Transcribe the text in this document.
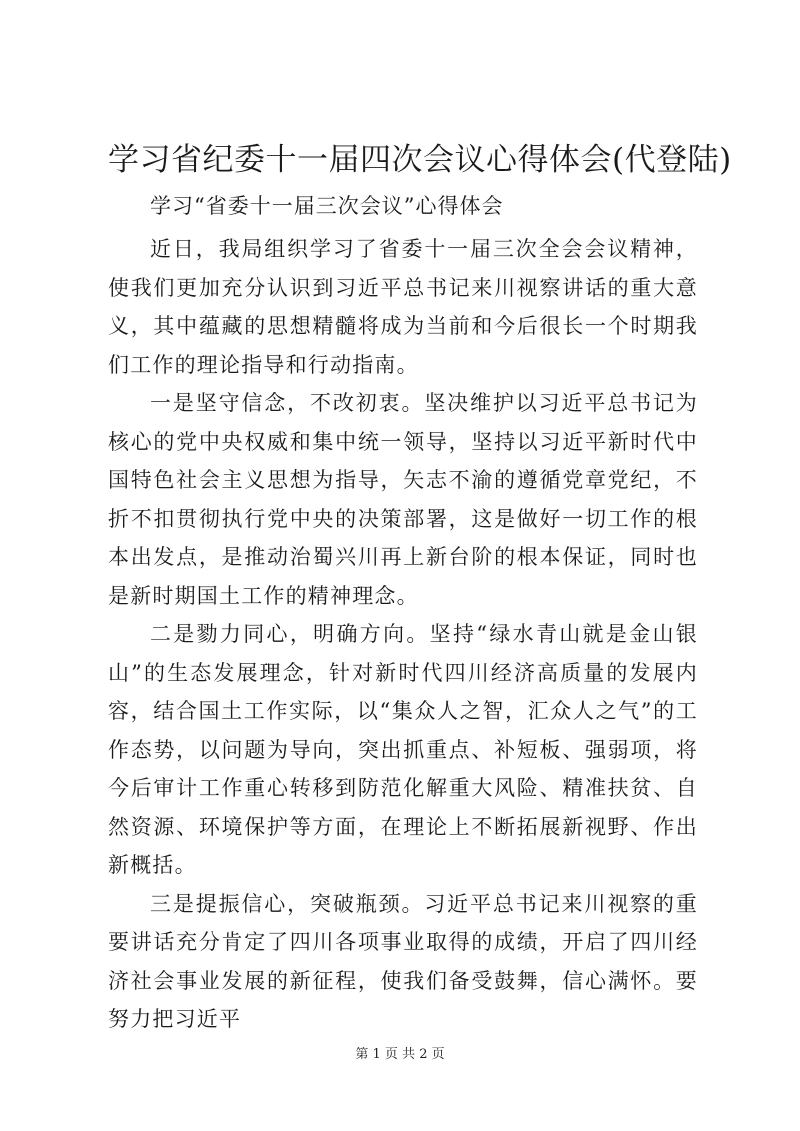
学习省纪委十一届四次会议心得体会(代登陆)
学习“省委十一届三次会议”心得体会

近日，我局组织学习了省委十一届三次全会会议精神，使我们更加充分认识到习近平总书记来川视察讲话的重大意义，其中蕴藏的思想精髓将成为当前和今后很长一个时期我们工作的理论指导和行动指南。

一是坚守信念，不改初衷。坚决维护以习近平总书记为核心的党中央权威和集中统一领导，坚持以习近平新时代中国特色社会主义思想为指导，矢志不渝的遵循党章党纪，不折不扣贯彻执行党中央的决策部署，这是做好一切工作的根本出发点，是推动治蜀兴川再上新台阶的根本保证，同时也是新时期国土工作的精神理念。

二是勠力同心，明确方向。坚持“绿水青山就是金山银山”的生态发展理念，针对新时代四川经济高质量的发展内容，结合国土工作实际，以“集众人之智，汇众人之气”的工作态势，以问题为导向，突出抓重点、补短板、强弱项，将今后审计工作重心转移到防范化解重大风险、精准扶贫、自然资源、环境保护等方面，在理论上不断拓展新视野、作出新概括。

三是提振信心，突破瓶颈。习近平总书记来川视察的重要讲话充分肯定了四川各项事业取得的成绩，开启了四川经济社会事业发展的新征程，使我们备受鼓舞，信心满怀。要努力把习近平

第 1 页 共 2 页
